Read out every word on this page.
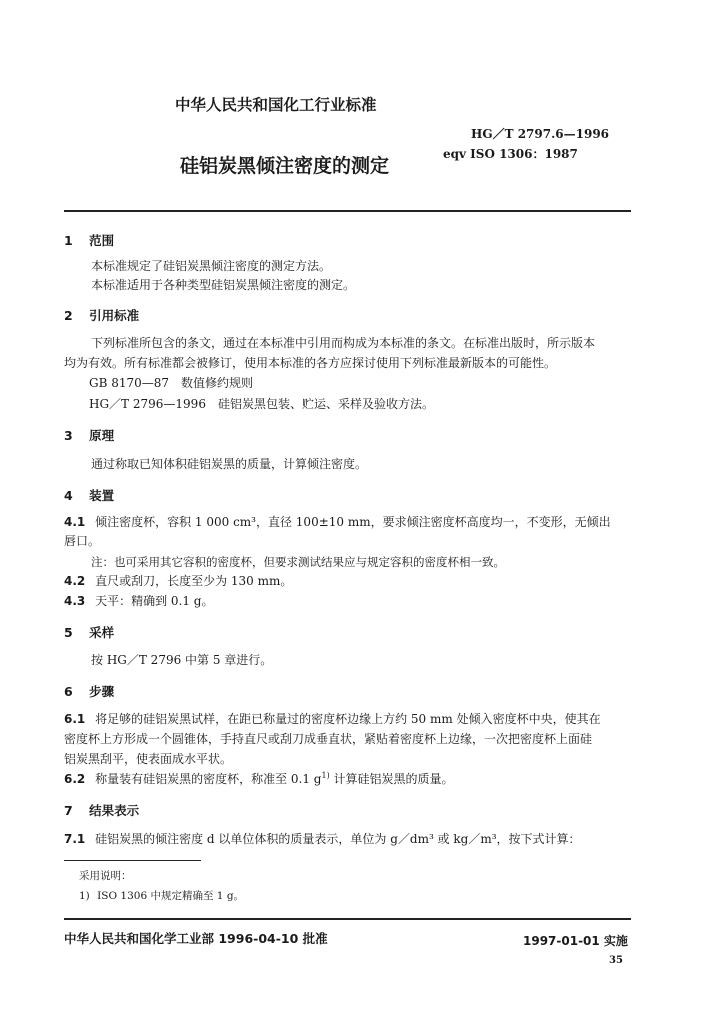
中华人民共和国化工行业标准
HG／T 2797.6—1996
eqv ISO 1306：1987
硅铝炭黑倾注密度的测定
1 范围
本标准规定了硅铝炭黑倾注密度的测定方法。
本标准适用于各种类型硅铝炭黑倾注密度的测定。
2 引用标准
下列标准所包含的条文，通过在本标准中引用而构成为本标准的条文。在标准出版时，所示版本
均为有效。所有标准都会被修订，使用本标准的各方应探讨使用下列标准最新版本的可能性。
GB 8170—87　数值修约规则
HG／T 2796—1996　硅铝炭黑包装、贮运、采样及验收方法。
3 原理
通过称取已知体积硅铝炭黑的质量，计算倾注密度。
4 装置
4.1 倾注密度杯，容积 1 000 cm³，直径 100±10 mm，要求倾注密度杯高度均一，不变形，无倾出
唇口。
注：也可采用其它容积的密度杯，但要求测试结果应与规定容积的密度杯相一致。
4.2 直尺或刮刀，长度至少为 130 mm。
4.3 天平：精确到 0.1 g。
5 采样
按 HG／T 2796 中第 5 章进行。
6 步骤
6.1 将足够的硅铝炭黑试样，在距已称量过的密度杯边缘上方约 50 mm 处倾入密度杯中央，使其在
密度杯上方形成一个圆锥体，手持直尺或刮刀成垂直状，紧贴着密度杯上边缘，一次把密度杯上面硅
铝炭黑刮平，使表面成水平状。
6.2 称量装有硅铝炭黑的密度杯，称准至 0.1 $g^{1)}$ 计算硅铝炭黑的质量。
7 结果表示
7.1 硅铝炭黑的倾注密度 d 以单位体积的质量表示，单位为 g／dm³ 或 kg／m³，按下式计算：
采用说明：
1) ISO 1306 中规定精确至 1 g。
中华人民共和国化学工业部 1996-04-10 批准	1997-01-01 实施
35
